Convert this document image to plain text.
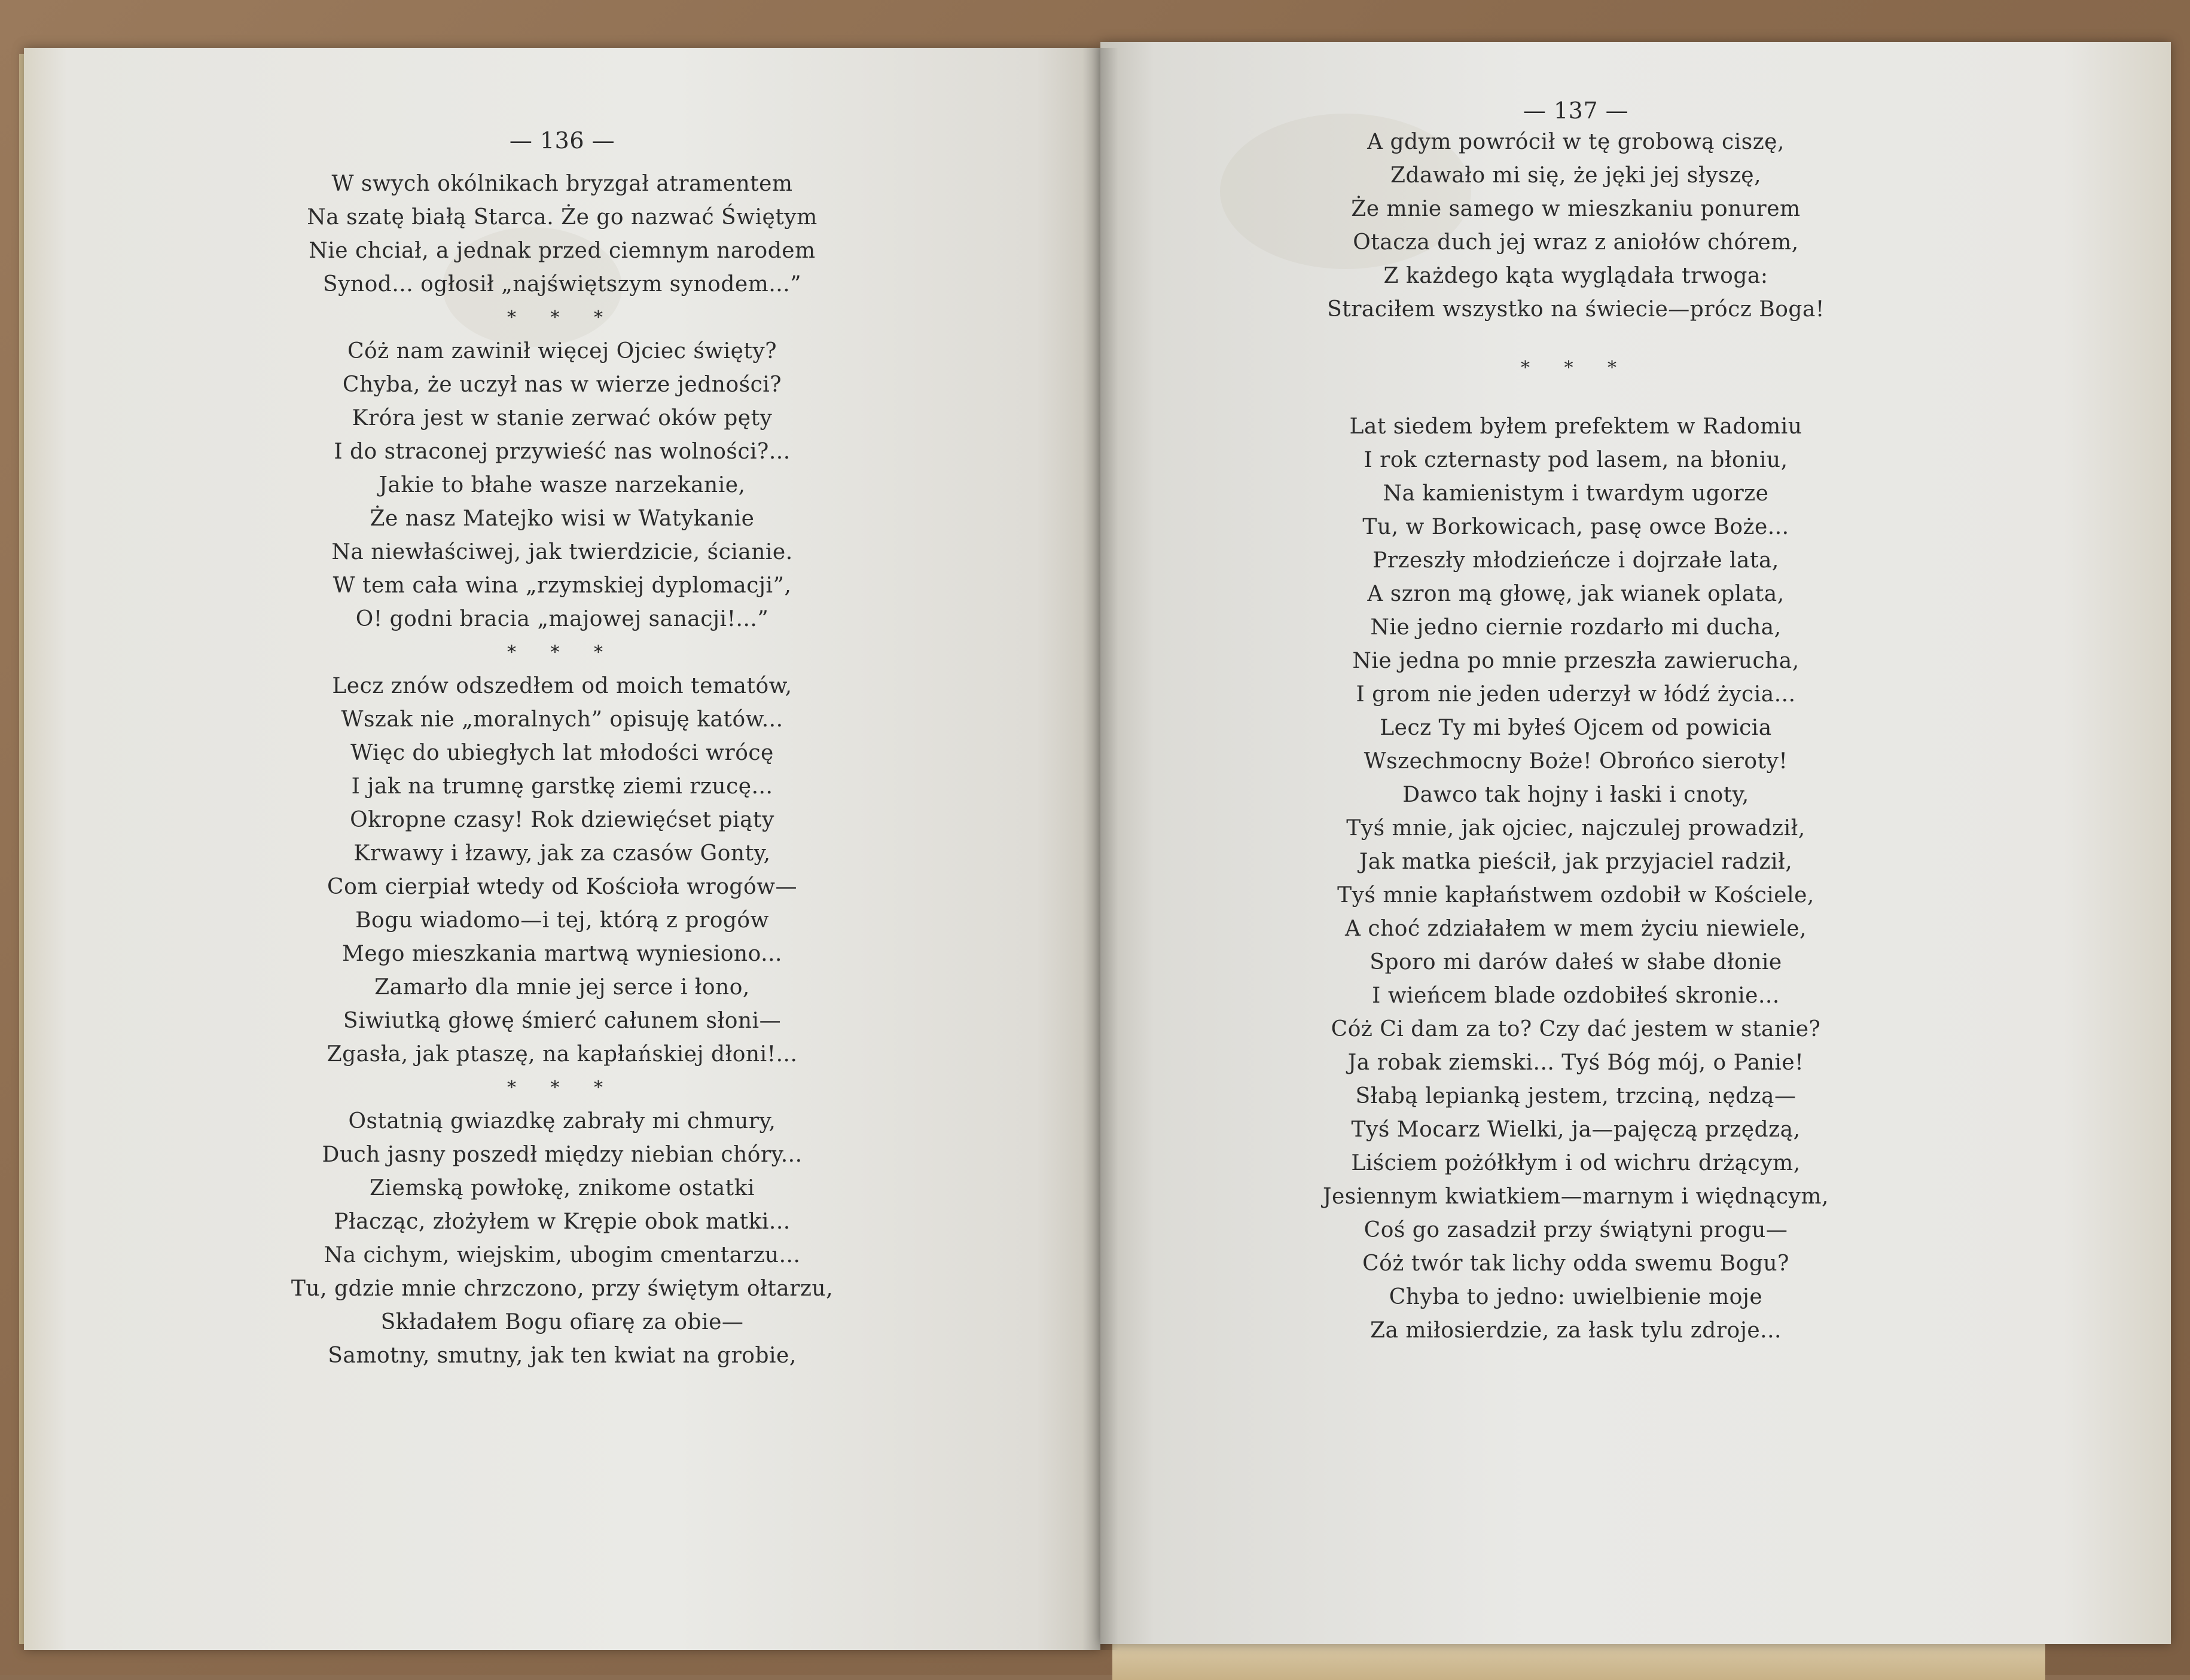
— 136 —
W swych okólnikach bryzgał atramentem
Na szatę białą Starca. Że go nazwać Świętym
Nie chciał, a jednak przed ciemnym narodem
Synod... ogłosił „najświętszym synodem...”
* * *
Cóż nam zawinił więcej Ojciec święty?
Chyba, że uczył nas w wierze jedności?
Krόra jest w stanie zerwać oków pęty
I do straconej przywieść nas wolności?...
Jakie to błahe wasze narzekanie,
Że nasz Matejko wisi w Watykanie
Na niewłaściwej, jak twierdzicie, ścianie.
W tem cała wina „rzymskiej dyplomacji”,
O! godni bracia „majowej sanacji!...”
* * *
Lecz znów odszedłem od moich tematów,
Wszak nie „moralnych” opisuję katów...
Więc do ubiegłych lat młodości wrócę
I jak na trumnę garstkę ziemi rzucę...
Okropne czasy! Rok dziewięćset piąty
Krwawy i łzawy, jak za czasów Gonty,
Com cierpiał wtedy od Kościoła wrogów—
Bogu wiadomo—i tej, którą z progów
Mego mieszkania martwą wyniesiono...
Zamarło dla mnie jej serce i łono,
Siwiutką głowę śmierć całunem słoni—
Zgasła, jak ptaszę, na kapłańskiej dłoni!...
* * *
Ostatnią gwiazdkę zabrały mi chmury,
Duch jasny poszedł między niebian chóry...
Ziemską powłokę, znikome ostatki
Płacząc, złożyłem w Krępie obok matki...
Na cichym, wiejskim, ubogim cmentarzu...
Tu, gdzie mnie chrzczono, przy świętym ołtarzu,
Składałem Bogu ofiarę za obie—
Samotny, smutny, jak ten kwiat na grobie,
— 137 —
A gdym powrócił w tę grobową ciszę,
Zdawało mi się, że jęki jej słyszę,
Że mnie samego w mieszkaniu ponurem
Otacza duch jej wraz z aniołów chórem,
Z każdego kąta wyglądała trwoga:
Straciłem wszystko na świecie—prócz Boga!
* * *
Lat siedem byłem prefektem w Radomiu
I rok czternasty pod lasem, na błoniu,
Na kamienistym i twardym ugorze
Tu, w Borkowicach, pasę owce Boże...
Przeszły młodzieńcze i dojrzałe lata,
A szron mą głowę, jak wianek oplata,
Nie jedno ciernie rozdarło mi ducha,
Nie jedna po mnie przeszła zawierucha,
I grom nie jeden uderzył w łódź życia...
Lecz Ty mi byłeś Ojcem od powicia
Wszechmocny Boże! Obrońco sieroty!
Dawco tak hojny i łaski i cnoty,
Tyś mnie, jak ojciec, najczulej prowadził,
Jak matka pieścił, jak przyjaciel radził,
Tyś mnie kapłaństwem ozdobił w Kościele,
A choć zdziałałem w mem życiu niewiele,
Sporo mi darów dałeś w słabe dłonie
I wieńcem blade ozdobiłeś skronie...
Cóż Ci dam za to? Czy dać jestem w stanie?
Ja robak ziemski... Tyś Bóg mój, o Panie!
Słabą lepianką jestem, trzciną, nędzą—
Tyś Mocarz Wielki, ja—pajęczą przędzą,
Liściem pożółkłym i od wichru drżącym,
Jesiennym kwiatkiem—marnym i więdnącym,
Coś go zasadził przy świątyni progu—
Cóż twór tak lichy odda swemu Bogu?
Chyba to jedno: uwielbienie moje
Za miłosierdzie, za łask tylu zdroje...
